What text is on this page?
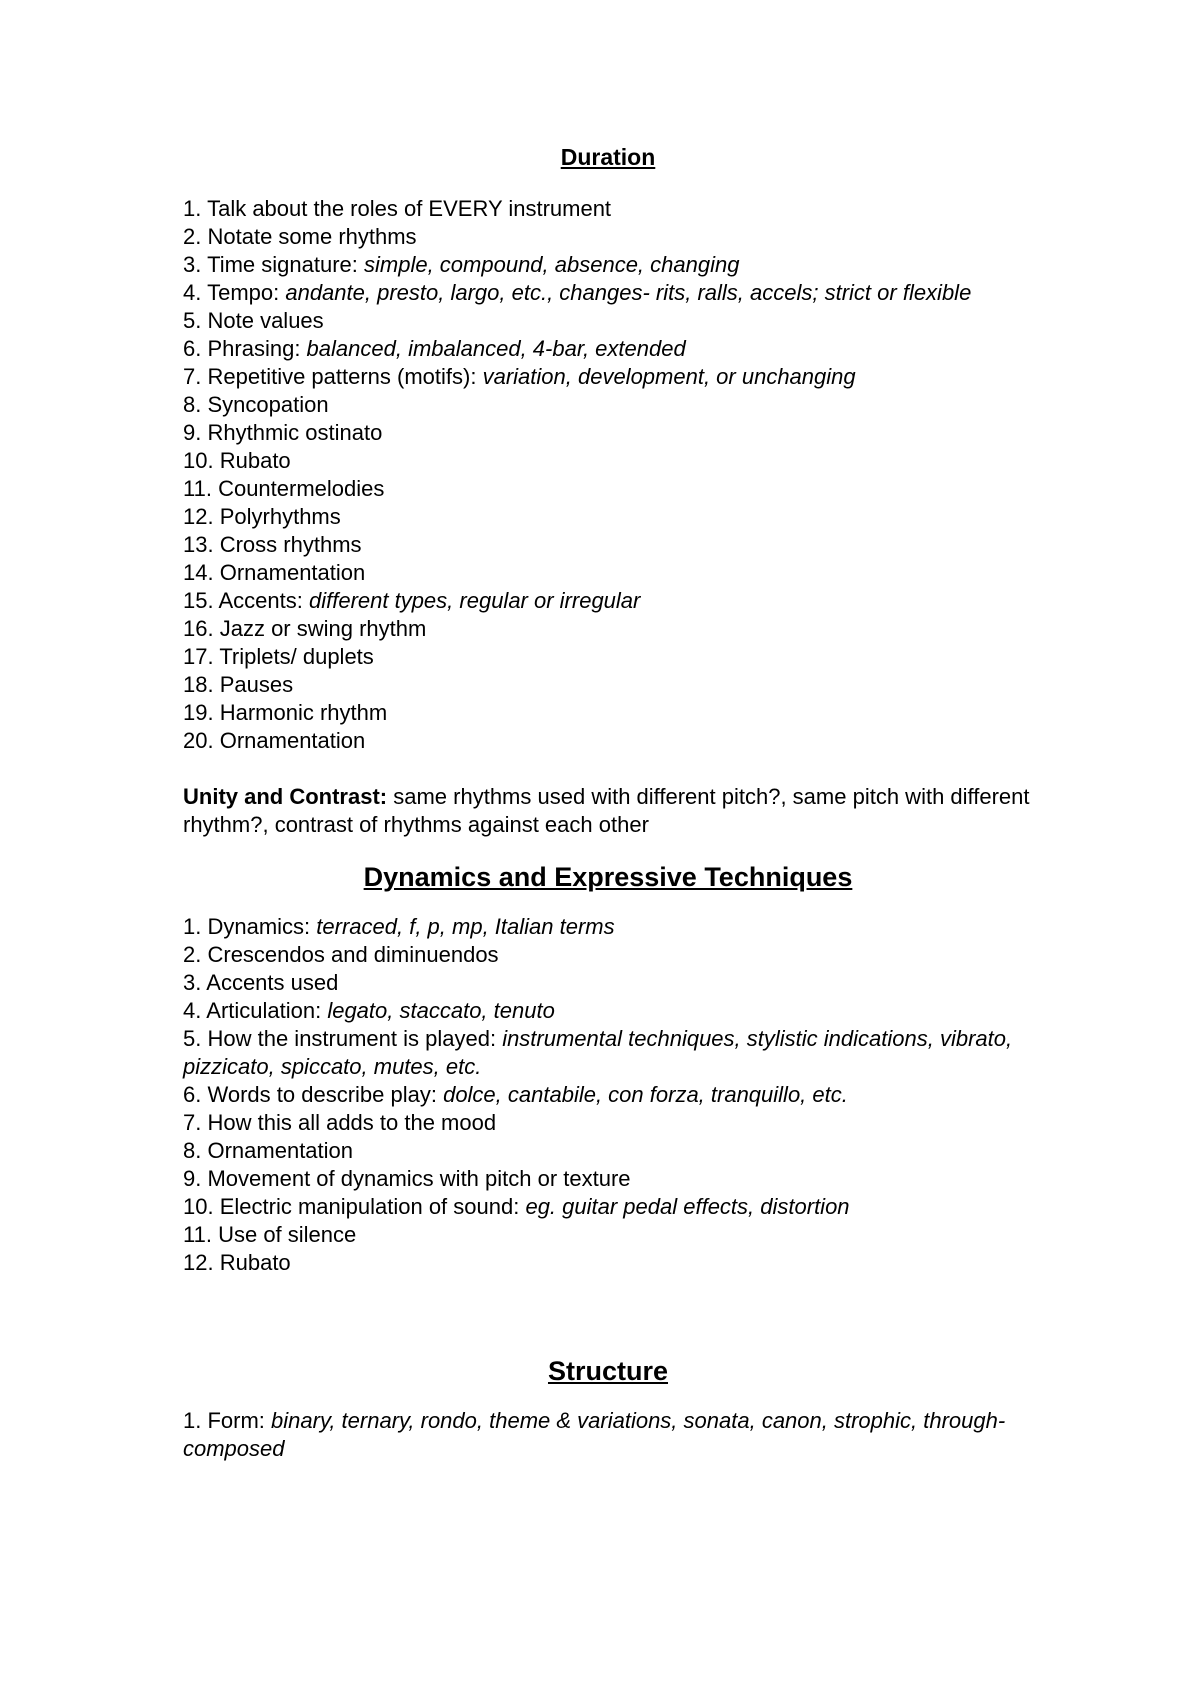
Duration
1. Talk about the roles of EVERY instrument
2. Notate some rhythms
3. Time signature: simple, compound, absence, changing
4. Tempo: andante, presto, largo, etc., changes- rits, ralls, accels; strict or flexible
5. Note values
6. Phrasing: balanced, imbalanced, 4-bar, extended
7. Repetitive patterns (motifs): variation, development, or unchanging
8. Syncopation
9. Rhythmic ostinato
10. Rubato
11. Countermelodies
12. Polyrhythms
13. Cross rhythms
14. Ornamentation
15. Accents: different types, regular or irregular
16. Jazz or swing rhythm
17. Triplets/ duplets
18. Pauses
19. Harmonic rhythm
20. Ornamentation

Unity and Contrast: same rhythms used with different pitch?, same pitch with different rhythm?, contrast of rhythms against each other

Dynamics and Expressive Techniques
1. Dynamics: terraced, f, p, mp, Italian terms
2. Crescendos and diminuendos
3. Accents used
4. Articulation: legato, staccato, tenuto
5. How the instrument is played: instrumental techniques, stylistic indications, vibrato, pizzicato, spiccato, mutes, etc.
6. Words to describe play: dolce, cantabile, con forza, tranquillo, etc.
7. How this all adds to the mood
8. Ornamentation
9. Movement of dynamics with pitch or texture
10. Electric manipulation of sound: eg. guitar pedal effects, distortion
11. Use of silence
12. Rubato
Structure
1. Form: binary, ternary, rondo, theme & variations, sonata, canon, strophic, through-composed
